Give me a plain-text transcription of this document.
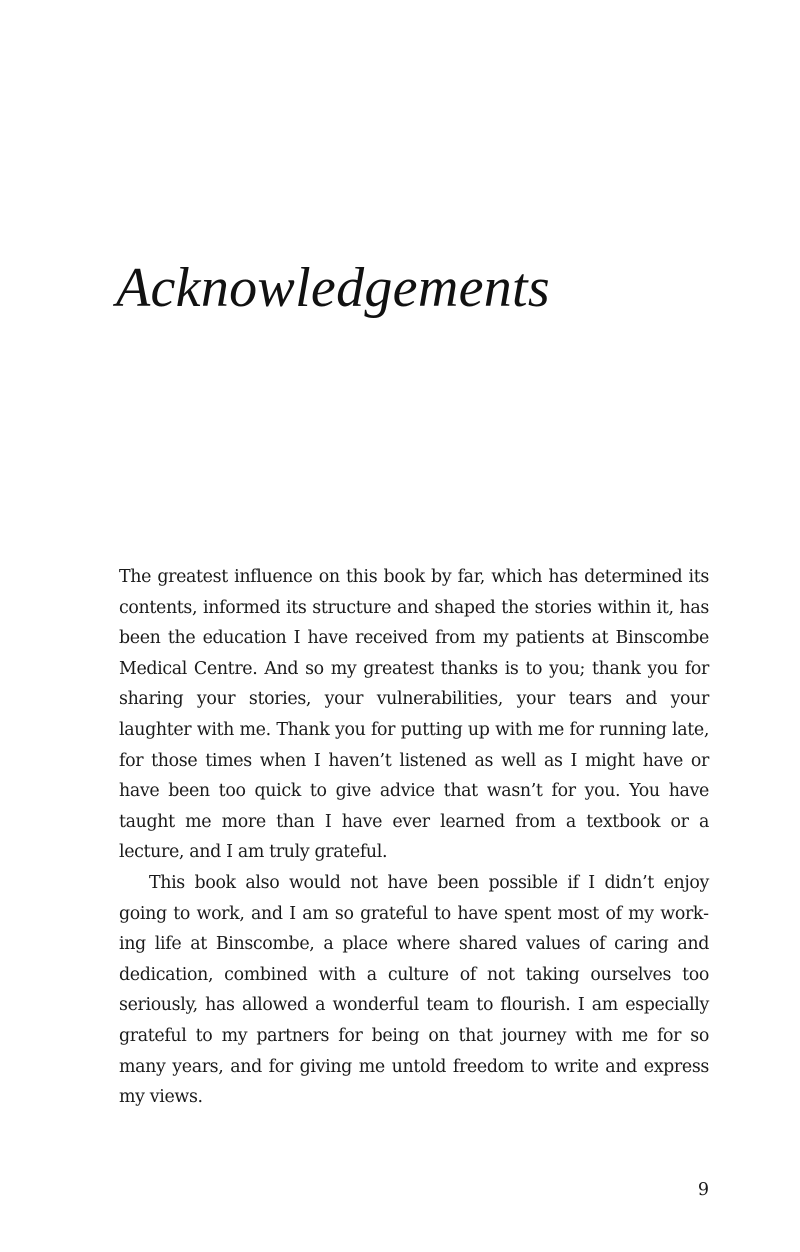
Acknowledgements

The greatest influence on this book by far, which has determined its contents, informed its structure and shaped the stories within it, has been the education I have received from my patients at Binscombe Medical Centre. And so my greatest thanks is to you; thank you for sharing your stories, your vulnerabilities, your tears and your laughter with me. Thank you for putting up with me for running late, for those times when I haven’t listened as well as I might have or have been too quick to give advice that wasn’t for you. You have taught me more than I have ever learned from a textbook or a lecture, and I am truly grateful.

This book also would not have been possible if I didn’t enjoy going to work, and I am so grateful to have spent most of my working life at Binscombe, a place where shared values of caring and dedication, combined with a culture of not taking ourselves too seriously, has allowed a wonderful team to flourish. I am especially grateful to my partners for being on that journey with me for so many years, and for giving me untold freedom to write and express my views.

9
